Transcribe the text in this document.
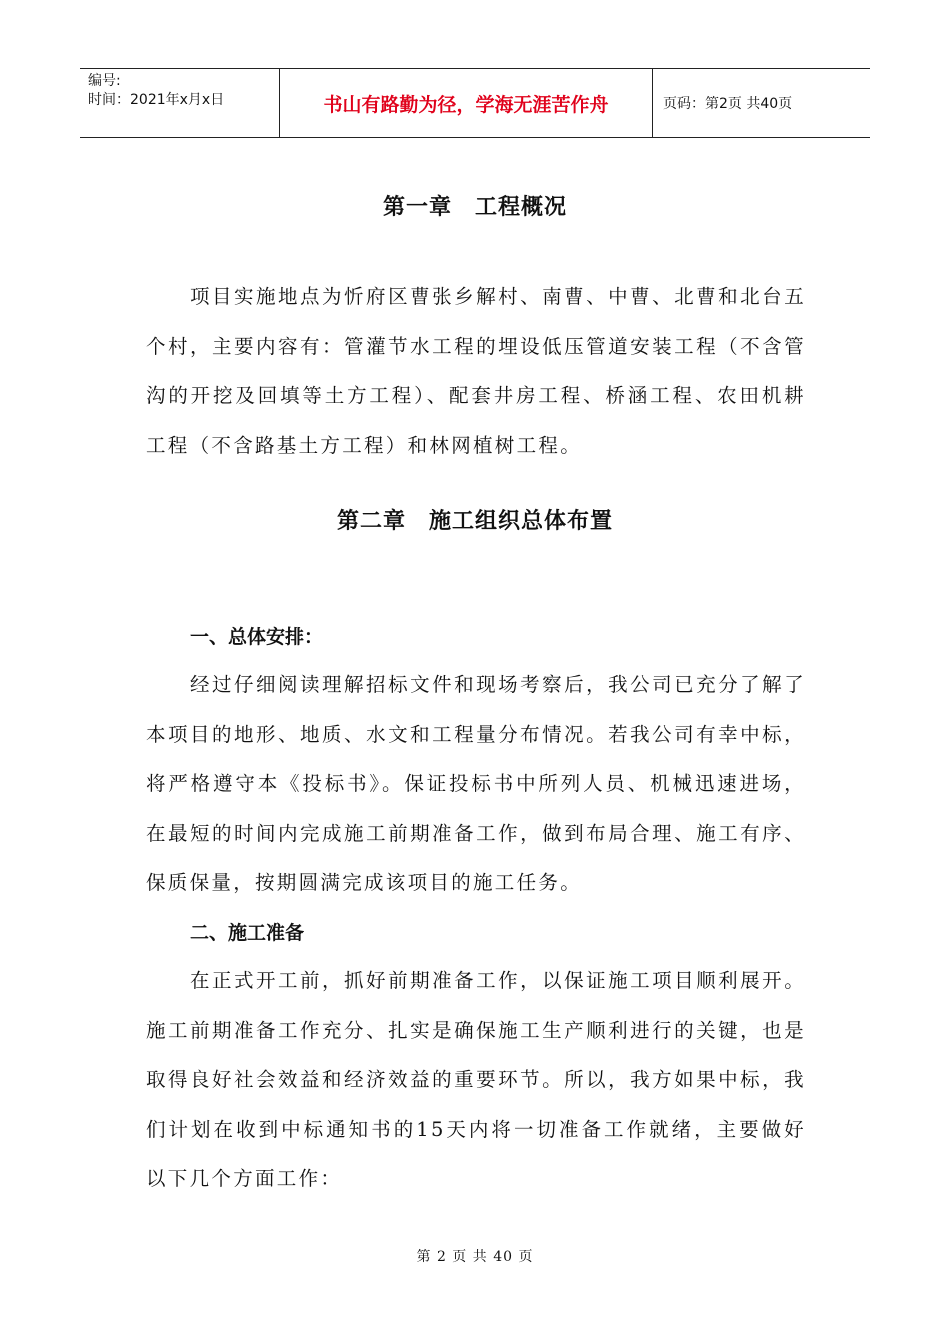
编号:
时间：2021年x月x日	书山有路勤为径，学海无涯苦作舟	页码：第2页 共40页
第一章　工程概况

项目实施地点为忻府区曹张乡解村、南曹、中曹、北曹和北台五个村，主要内容有：管灌节水工程的埋设低压管道安装工程（不含管沟的开挖及回填等土方工程）、配套井房工程、桥涵工程、农田机耕工程（不含路基土方工程）和林网植树工程。

第二章　施工组织总体布置
一、总体安排：

经过仔细阅读理解招标文件和现场考察后，我公司已充分了解了本项目的地形、地质、水文和工程量分布情况。若我公司有幸中标，将严格遵守本《投标书》。保证投标书中所列人员、机械迅速进场，在最短的时间内完成施工前期准备工作，做到布局合理、施工有序、保质保量，按期圆满完成该项目的施工任务。

二、施工准备

在正式开工前，抓好前期准备工作，以保证施工项目顺利展开。施工前期准备工作充分、扎实是确保施工生产顺利进行的关键，也是取得良好社会效益和经济效益的重要环节。所以，我方如果中标，我们计划在收到中标通知书的15天内将一切准备工作就绪，主要做好以下几个方面工作：

第 2 页 共 40 页
